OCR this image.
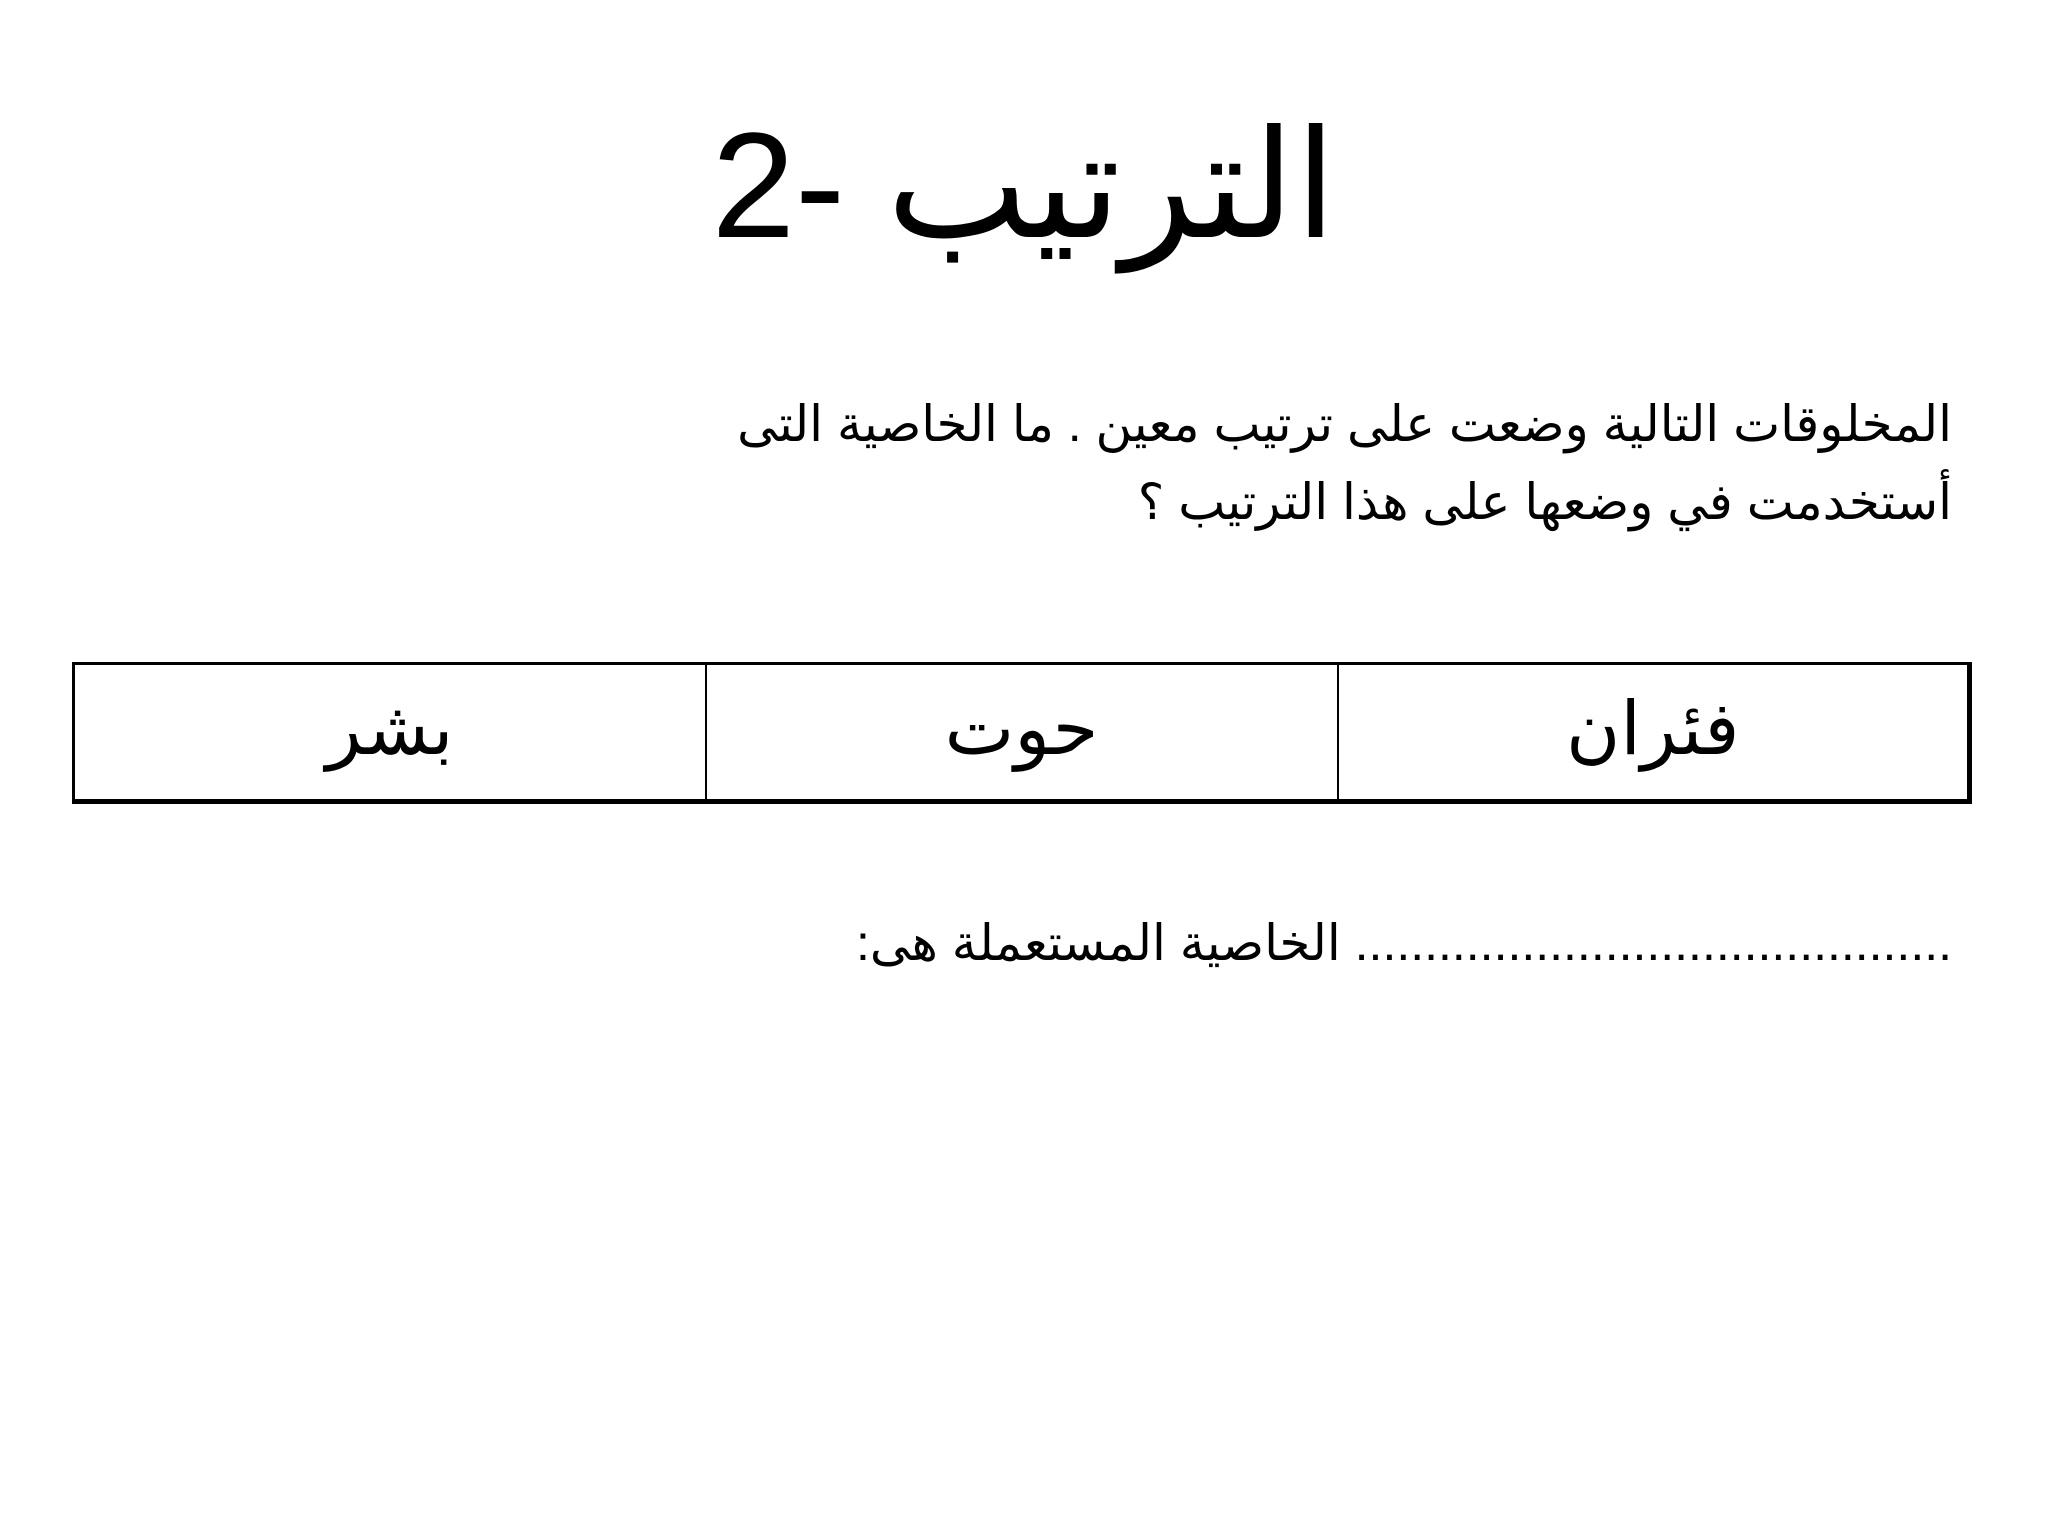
الترتيب -2

المخلوقات التالية وضعت على ترتيب معين . ما الخاصية التى

أستخدمت في وضعها على هذا الترتيب ؟

بشر	حوت	فئران
الخاصية المستعملة هى: ...........................................
